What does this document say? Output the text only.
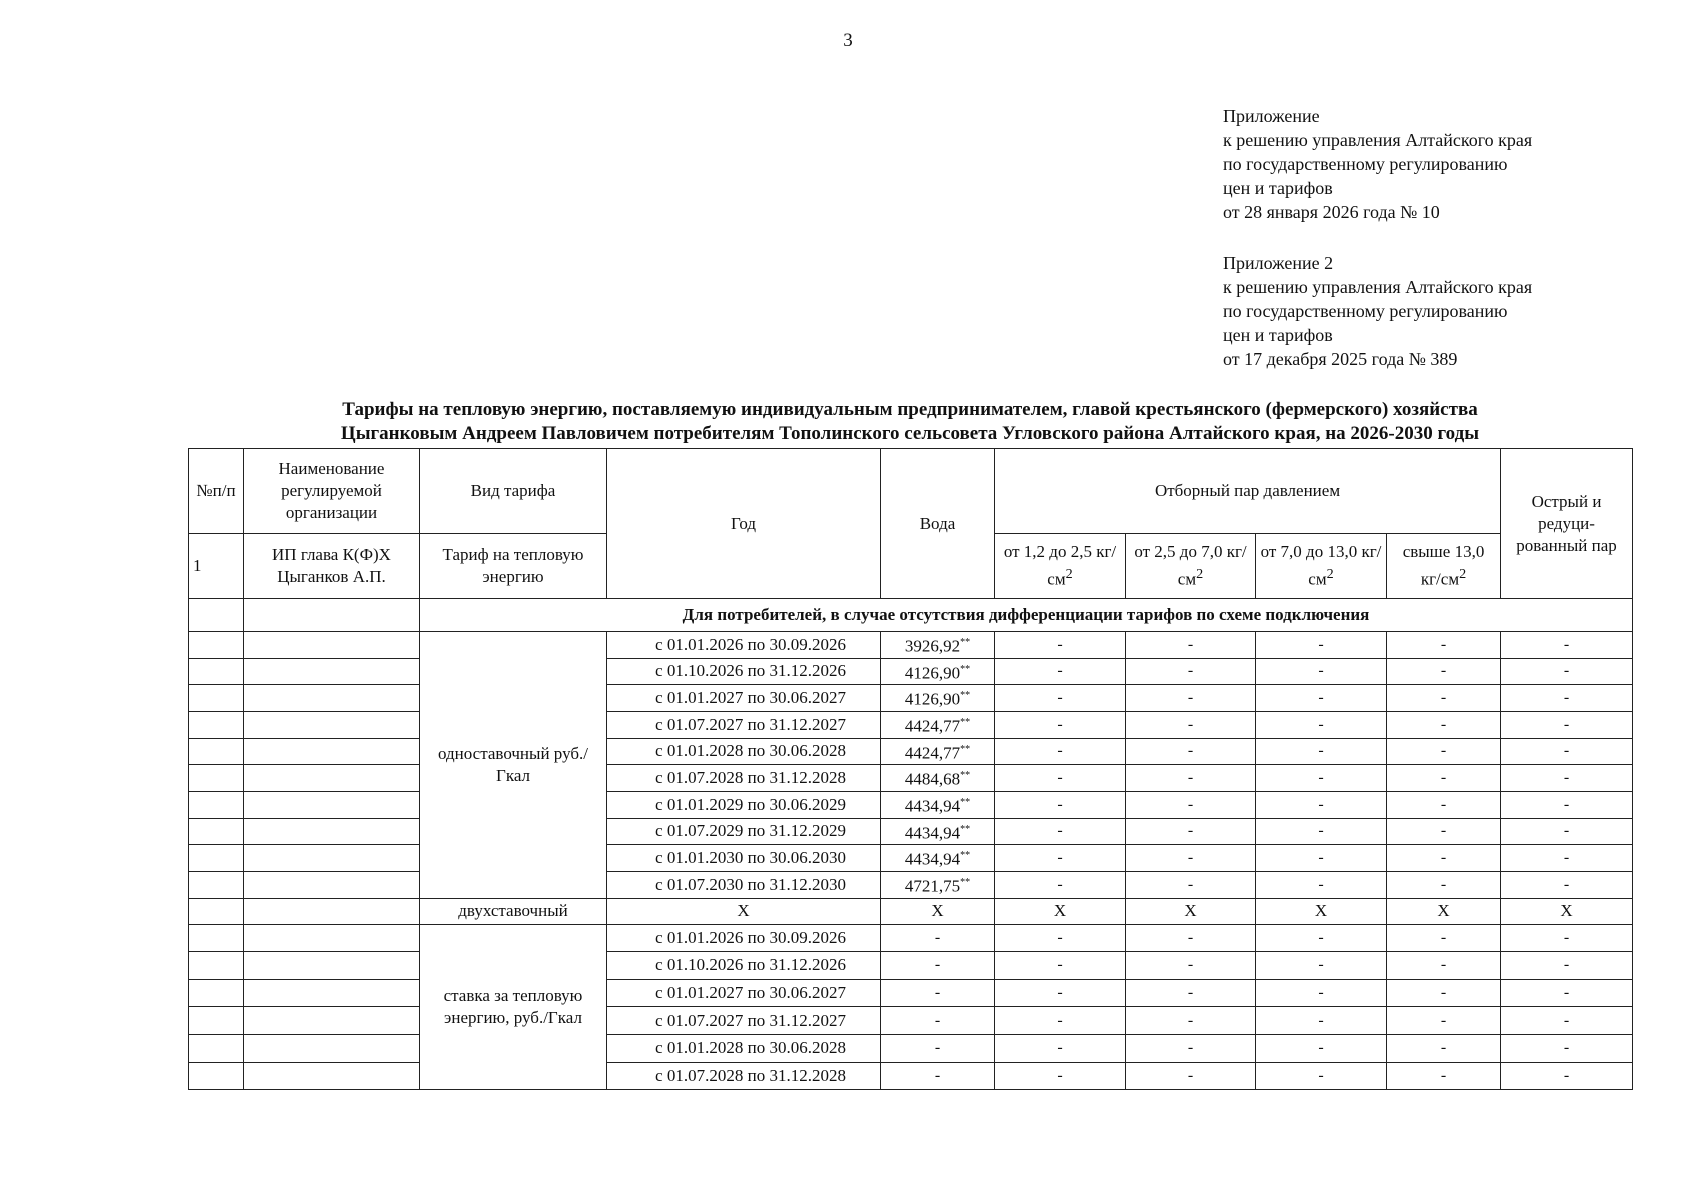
3
Приложение
к решению управления Алтайского края
по государственному регулированию
цен и тарифов
от 28 января 2026 года № 10
Приложение 2
к решению управления Алтайского края
по государственному регулированию
цен и тарифов
от 17 декабря 2025 года № 389
Тарифы на тепловую энергию, поставляемую индивидуальным предпринимателем, главой крестьянского (фермерского) хозяйства
Цыганковым Андреем Павловичем потребителям Тополинского сельсовета Угловского района Алтайского края, на 2026-2030 годы
№п/п	Наименование регулируемой организации	Вид тарифа	Год	Вода	Отборный пар давлением				Острый и редуци-рованный пар
1	ИП глава К(Ф)Х Цыганков А.П.	Тариф на тепловую энергию			от 1,2 до 2,5 $кг/см^2$	от 2,5 до 7,0 $кг/см^2$	от 7,0 до 13,0 $кг/см^2$	свыше 13,0 $кг/см^2$
		Для потребителей, в случае отсутствия дифференциации тарифов по схеме подключения							
		одноставочный руб./Гкал	с 01.01.2026 по 30.09.2026	3926,92**	-	-	-	-	-
			с 01.10.2026 по 31.12.2026	4126,90**	-	-	-	-	-
			с 01.01.2027 по 30.06.2027	4126,90**	-	-	-	-	-
			с 01.07.2027 по 31.12.2027	4424,77**	-	-	-	-	-
			с 01.01.2028 по 30.06.2028	4424,77**	-	-	-	-	-
			с 01.07.2028 по 31.12.2028	4484,68**	-	-	-	-	-
			с 01.01.2029 по 30.06.2029	4434,94**	-	-	-	-	-
			с 01.07.2029 по 31.12.2029	4434,94**	-	-	-	-	-
			с 01.01.2030 по 30.06.2030	4434,94**	-	-	-	-	-
			с 01.07.2030 по 31.12.2030	4721,75**	-	-	-	-	-
		двухставочный	Х	Х	Х	Х	Х	Х	Х
		ставка за тепловую энергию, руб./Гкал	с 01.01.2026 по 30.09.2026	-	-	-	-	-	-
			с 01.10.2026 по 31.12.2026	-	-	-	-	-	-
			с 01.01.2027 по 30.06.2027	-	-	-	-	-	-
			с 01.07.2027 по 31.12.2027	-	-	-	-	-	-
			с 01.01.2028 по 30.06.2028	-	-	-	-	-	-
			с 01.07.2028 по 31.12.2028	-	-	-	-	-	-
